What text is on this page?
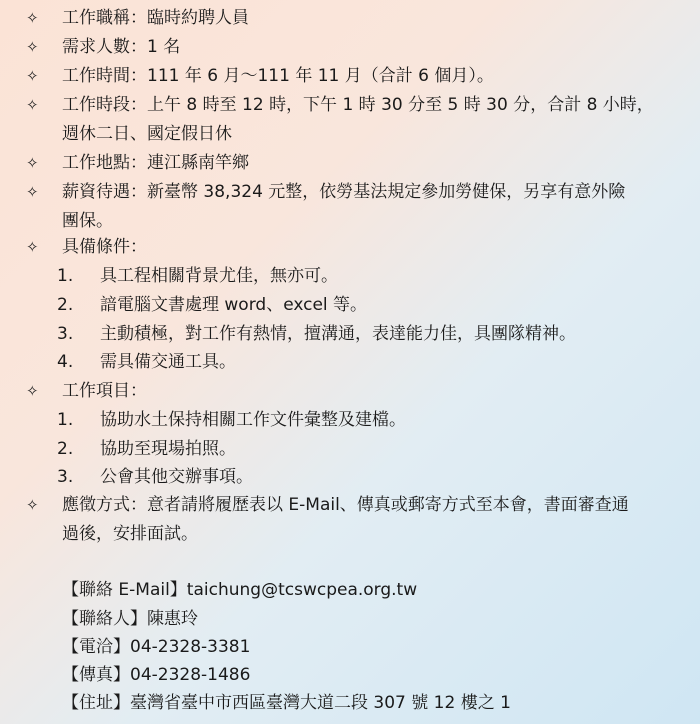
✧ 工作職稱：臨時約聘人員
✧ 需求人數：1 名
✧ 工作時間：111 年 6 月～111 年 11 月（合計 6 個月）。
✧ 工作時段：上午 8 時至 12 時，下午 1 時 30 分至 5 時 30 分，合計 8 小時，
週休二日、國定假日休
✧ 工作地點：連江縣南竿鄉
✧ 薪資待遇：新臺幣 38,324 元整，依勞基法規定參加勞健保，另享有意外險
團保。
✧ 具備條件：
1. 具工程相關背景尤佳，無亦可。
2. 諳電腦文書處理 word、excel 等。
3. 主動積極，對工作有熱情，擅溝通，表達能力佳，具團隊精神。
4. 需具備交通工具。
✧ 工作項目：
1. 協助水土保持相關工作文件彙整及建檔。
2. 協助至現場拍照。
3. 公會其他交辦事項。
✧ 應徵方式：意者請將履歷表以 E-Mail、傳真或郵寄方式至本會，書面審查通
過後，安排面試。
【聯絡 E-Mail】taichung@tcswcpea.org.tw
【聯絡人】陳惠玲
【電洽】04-2328-3381
【傳真】04-2328-1486
【住址】臺灣省臺中市西區臺灣大道二段 307 號 12 樓之 1
